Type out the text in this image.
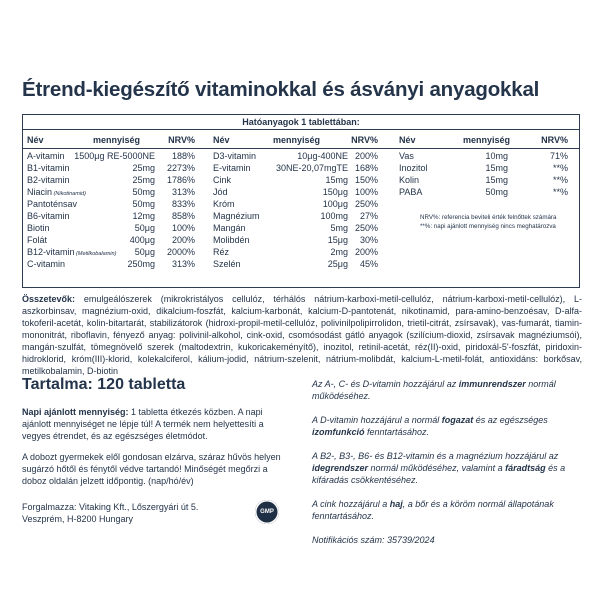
Étrend-kiegészítő vitaminokkal és ásványi anyagokkal
Hatóanyagok 1 tablettában:
Név	mennyiség	NRV% Név	mennyiség	NRV% Név	mennyiség	NRV%
A-vitamin 1500μg RE-5000NE 188%
B1-vitamin	25mg 2273%
B2-vitamin	25mg 1786%
Niacin (Nikotinamid)	50mg 313%
Pantoténsav	50mg 833%
B6-vitamin	12mg 858%
Biotin	50μg 100%
Folát	400μg 200%
B12-vitamin (Metilkobalamin) 50μg 2000%
C-vitamin	250mg 313%
D3-vitamin	10μg-400NE 200%
E-vitamin	30NE-20,07mgTE 168%
Cink	15mg 150%
Jód	150μg 100%
Króm	100μg 250%
Magnézium	100mg 27%
Mangán	5mg 250%
Molibdén	15μg 30%
Réz	2mg 200%
Szelén	25μg 45%
Vas	10mg	71%
Inozitol	15mg	**%
Kolin	15mg	**%
PABA	50mg	**%
NRV%: referencia beviteli érték felnőttek számára
**%: napi ajánlott mennyiség nincs meghatározva
Összetevők: emulgeálószerek (mikrokristályos cellulóz, térhálós nátrium-karboxi-metil-cellulóz, nátrium-karboxi-metil-cellulóz), L-aszkorbinsav, magnézium-oxid, dikalcium-foszfát, kalcium-karbonát, kalcium-D-pantotenát, nikotinamid, para-amino-benzoésav, D-alfa-tokoferil-acetát, kolin-bitartarát, stabilizátorok (hidroxi-propil-metil-cellulóz, polivinilpolipirrolidon, trietil-citrát, zsírsavak), vas-fumarát, tiamin-mononitrát, riboflavin, fényező anyag: polivinil-alkohol, cink-oxid, csomósodást gátló anyagok (szilícium-dioxid, zsírsavak magnéziumsói), mangán-szulfát, tömegnövelő szerek (maltodextrin, kukoricakeményítő), inozitol, retinil-acetát, réz(II)-oxid, piridoxál-5'-foszfát, piridoxin-hidroklorid, króm(III)-klorid, kolekalciferol, kálium-jodid, nátrium-szelenit, nátrium-molibdát, kalcium-L-metil-folát, antioxidáns: borkősav, metilkobalamin, D-biotin
Tartalma: 120 tabletta

Napi ajánlott mennyiség: 1 tabletta étkezés közben. A napi ajánlott mennyiséget ne lépje túl! A termék nem helyettesíti a vegyes étrendet, és az egészséges életmódot.

A dobozt gyermekek elől gondosan elzárva, száraz hűvös helyen sugárzó hőtől és fénytől védve tartandó! Minőségét megőrzi a doboz oldalán jelzett időpontig. (nap/hó/év)

Forgalmazza: Vitaking Kft., Lőszergyári út 5.
Veszprém, H-8200 Hungary

GMP

Az A-, C- és D-vitamin hozzájárul az immunrendszer normál működéséhez.

A D-vitamin hozzájárul a normál fogazat és az egészséges izomfunkció fenntartásához.

A B2-, B3-, B6- és B12-vitamin és a magnézium hozzájárul az idegrendszer normál működéséhez, valamint a fáradtság és a kifáradás csökkentéséhez.

A cink hozzájárul a haj, a bőr és a köröm normál állapotának fenntartásához.

Notifikációs szám: 35739/2024
